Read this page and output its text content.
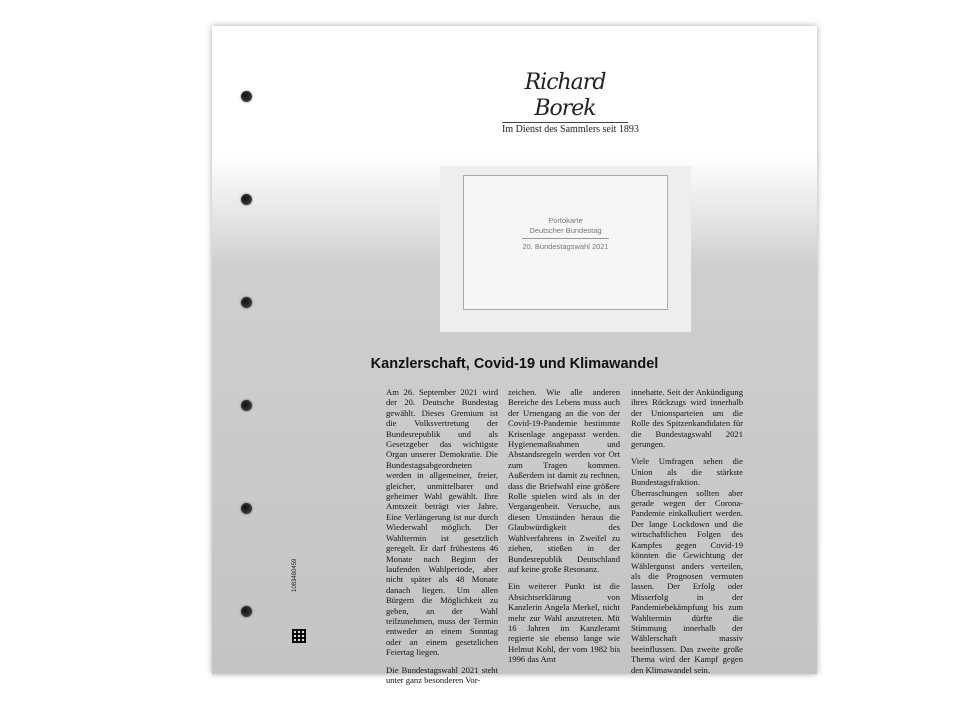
Richard Borek
Im Dienst des Sammlers seit 1893
Portokarte
Deutscher Bundestag
20. Bundestagswahl 2021
Kanzlerschaft, Covid-19 und Klimawandel

Am 26. September 2021 wird der 20. Deutsche Bundestag gewählt. Dieses Gremium ist die Volksvertretung der Bundesrepublik und als Gesetzgeber das wichtigste Organ unserer Demokratie. Die Bundestagsabgeordneten werden in allgemeiner, freier, gleicher, unmittelbarer und geheimer Wahl gewählt. Ihre Amtszeit beträgt vier Jahre. Eine Verlängerung ist nur durch Wiederwahl möglich. Der Wahltermin ist gesetzlich geregelt. Er darf frühestens 46 Monate nach Beginn der laufenden Wahlperiode, aber nicht später als 48 Monate danach liegen. Um allen Bürgern die Möglichkeit zu geben, an der Wahl teilzunehmen, muss der Termin entweder an einem Sonntag oder an einem gesetzlichen Feiertag liegen.

Die Bundestagswahl 2021 steht unter ganz besonderen Vor-

zeichen. Wie alle anderen Bereiche des Lebens muss auch der Urnengang an die von der Covid-19-Pandemie bestimmte Krisenlage angepasst werden. Hygienemaßnahmen und Abstandsregeln werden vor Ort zum Tragen kommen. Außerdem ist damit zu rechnen, dass die Briefwahl eine größere Rolle spielen wird als in der Vergangenheit. Versuche, aus diesen Umständen heraus die Glaubwürdigkeit des Wahlverfahrens in Zweifel zu ziehen, stießen in der Bundesrepublik Deutschland auf keine große Resonanz.

Ein weiterer Punkt ist die Absichtserklärung von Kanzlerin Angela Merkel, nicht mehr zur Wahl anzutreten. Mit 16 Jahren im Kanzleramt regierte sie ebenso lange wie Helmut Kohl, der vom 1982 bis 1996 das Amt

innehatte. Seit der Ankündigung ihres Rückzugs wird innerhalb der Unionsparteien um die Rolle des Spitzenkandidaten für die Bundestagswahl 2021 gerungen.

Viele Umfragen sehen die Union als die stärkste Bundestagsfraktion. Überraschungen sollten aber gerade wegen der Corona-Pandemie einkalkuliert werden. Der lange Lockdown und die wirtschaftlichen Folgen des Kampfes gegen Covid-19 könnten die Gewichtung der Wählergunst anders verteilen, als die Prognosen vermuten lassen. Der Erfolg oder Misserfolg in der Pandemiebekämpfung bis zum Wahltermin dürfte die Stimmung innerhalb der Wählerschaft massiv beeinflussen. Das zweite große Thema wird der Kampf gegen den Klimawandel sein.

1083480459
